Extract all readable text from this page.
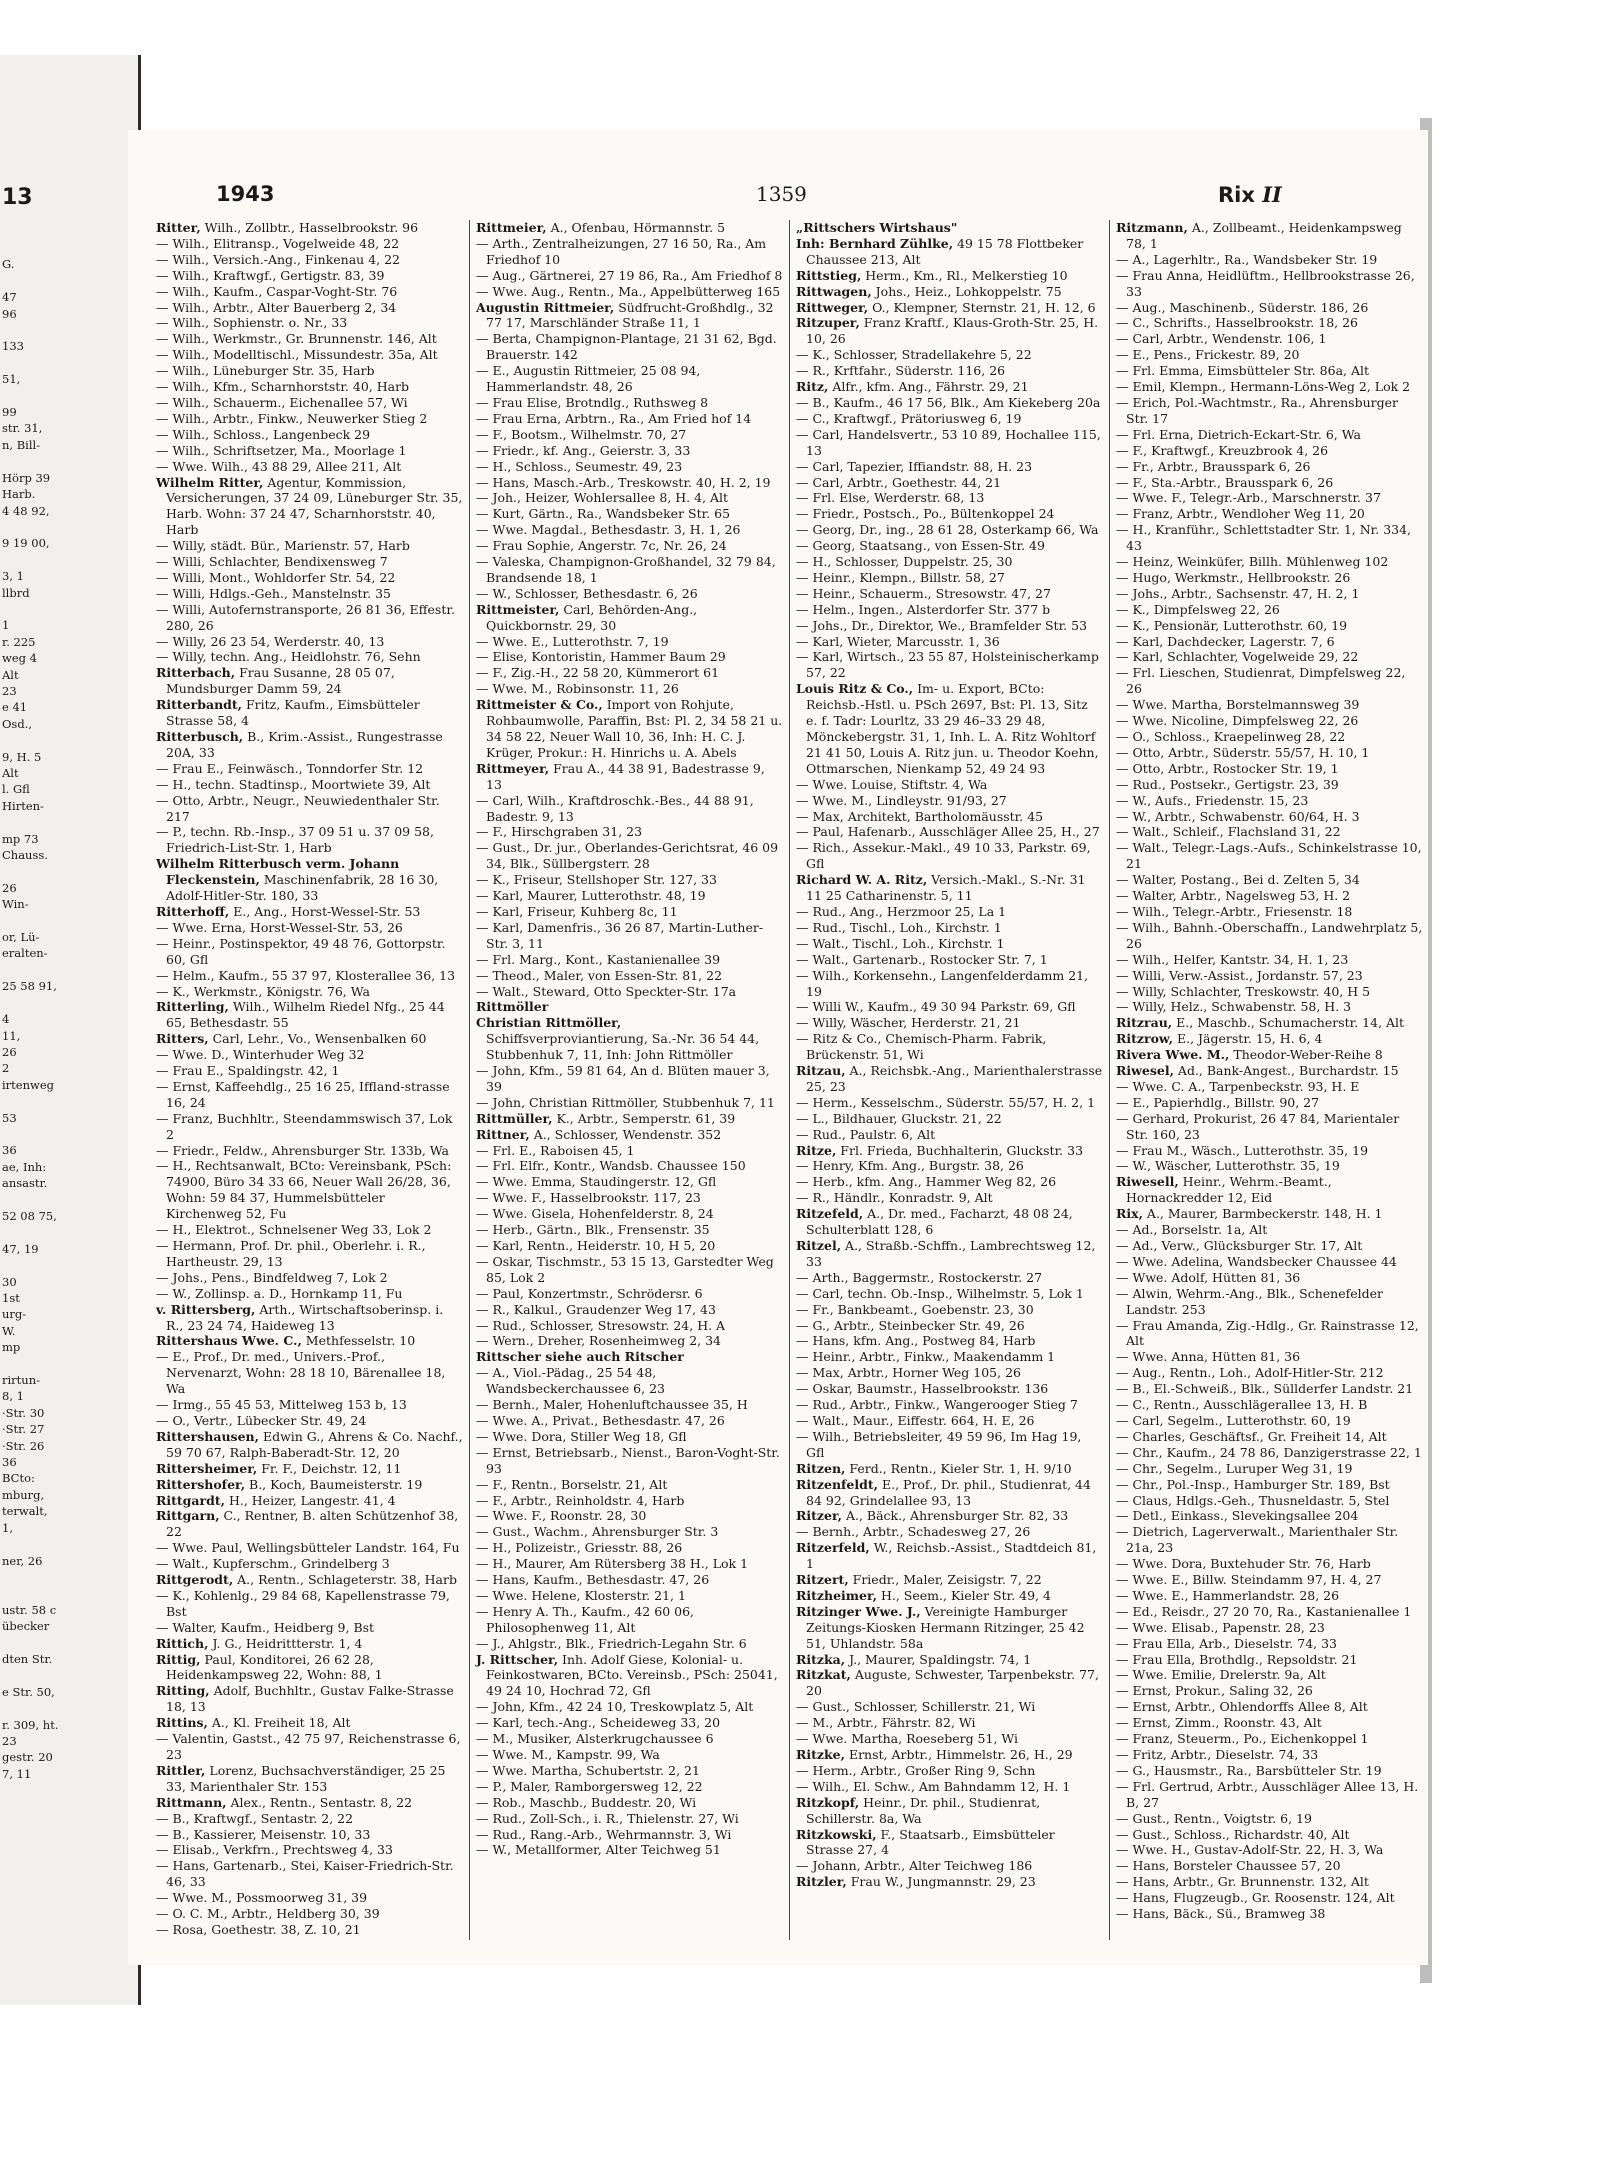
13

G.

47
96

133

51,

99
str. 31,
n, Bill-

Hörp 39
Harb.
4 48 92,

9 19 00,

3, 1
llbrd

1
r. 225
weg 4
Alt
23
e 41
Osd.,

9, H. 5
Alt
l. Gfl
Hirten-

mp 73
Chauss.

26
Win-

or, Lü-
eralten-

25 58 91,

4
11,
26
2
irtenweg

53

36
ae, Inh:
ansastr.

52 08 75,

47, 19

30
1st
urg-
W.
mp

rirtun-
8, 1
·Str. 30
·Str. 27
·Str. 26
36
BCto:
mburg,
terwalt,
1,

ner, 26

ustr. 58 c
übecker

dten Str.

e Str. 50,

r. 309, ht.
23
gestr. 20
7, 11
1943	1359	Rix II
Ritter, Wilh., Zollbtr., Hasselbrookstr. 96
— Wilh., Elitransp., Vogelweide 48, 22
— Wilh., Versich.-Ang., Finkenau 4, 22
— Wilh., Kraftwgf., Gertigstr. 83, 39
— Wilh., Kaufm., Caspar-Voght-Str. 76
— Wilh., Arbtr., Alter Bauerberg 2, 34
— Wilh., Sophienstr. o. Nr., 33
— Wilh., Werkmstr., Gr. Brunnenstr. 146, Alt
— Wilh., Modelltischl., Missundestr. 35a, Alt
— Wilh., Lüneburger Str. 35, Harb
— Wilh., Kfm., Scharnhorststr. 40, Harb
— Wilh., Schauerm., Eichenallee 57, Wi
— Wilh., Arbtr., Finkw., Neuwerker Stieg 2
— Wilh., Schloss., Langenbeck 29
— Wilh., Schriftsetzer, Ma., Moorlage 1
— Wwe. Wilh., 43 88 29, Allee 211, Alt
Wilhelm Ritter, Agentur, Kommission, Versicherungen, 37 24 09, Lüneburger Str. 35, Harb. Wohn: 37 24 47, Scharnhorststr. 40, Harb
— Willy, städt. Bür., Marienstr. 57, Harb
— Willi, Schlachter, Bendixensweg 7
— Willi, Mont., Wohldorfer Str. 54, 22
— Willi, Hdlgs.-Geh., Manstelnstr. 35
— Willi, Autofernstransporte, 26 81 36, Effestr. 280, 26
— Willy, 26 23 54, Werderstr. 40, 13
— Willy, techn. Ang., Heidlohstr. 76, Sehn
Ritterbach, Frau Susanne, 28 05 07, Mundsburger Damm 59, 24
Ritterbandt, Fritz, Kaufm., Eimsbütteler Strasse 58, 4
Ritterbusch, B., Krim.-Assist., Rungestrasse 20A, 33
— Frau E., Feinwäsch., Tonndorfer Str. 12
— H., techn. Stadtinsp., Moortwiete 39, Alt
— Otto, Arbtr., Neugr., Neuwiedenthaler Str. 217
— P., techn. Rb.-Insp., 37 09 51 u. 37 09 58, Friedrich-List-Str. 1, Harb
Wilhelm Ritterbusch verm. Johann Fleckenstein, Maschinenfabrik, 28 16 30, Adolf-Hitler-Str. 180, 33
Ritterhoff, E., Ang., Horst-Wessel-Str. 53
— Wwe. Erna, Horst-Wessel-Str. 53, 26
— Heinr., Postinspektor, 49 48 76, Gottorpstr. 60, Gfl
— Helm., Kaufm., 55 37 97, Klosterallee 36, 13
— K., Werkmstr., Königstr. 76, Wa
Ritterling, Wilh., Wilhelm Riedel Nfg., 25 44 65, Bethesdastr. 55
Ritters, Carl, Lehr., Vo., Wensenbalken 60
— Wwe. D., Winterhuder Weg 32
— Frau E., Spaldingstr. 42, 1
— Ernst, Kaffeehdlg., 25 16 25, Iffland-strasse 16, 24
— Franz, Buchhltr., Steendammswisch 37, Lok 2
— Friedr., Feldw., Ahrensburger Str. 133b, Wa
— H., Rechtsanwalt, BCto: Vereinsbank, PSch: 74900, Büro 34 33 66, Neuer Wall 26/28, 36, Wohn: 59 84 37, Hummelsbütteler Kirchenweg 52, Fu
— H., Elektrot., Schnelsener Weg 33, Lok 2
— Hermann, Prof. Dr. phil., Oberlehr. i. R., Hartheustr. 29, 13
— Johs., Pens., Bindfeldweg 7, Lok 2
— W., Zollinsp. a. D., Hornkamp 11, Fu
v. Rittersberg, Arth., Wirtschaftsoberinsp. i. R., 23 24 74, Haideweg 13
Rittershaus Wwe. C., Methfesselstr. 10
— E., Prof., Dr. med., Univers.-Prof., Nervenarzt, Wohn: 28 18 10, Bärenallee 18, Wa
— Irmg., 55 45 53, Mittelweg 153 b, 13
— O., Vertr., Lübecker Str. 49, 24
Rittershausen, Edwin G., Ahrens & Co. Nachf., 59 70 67, Ralph-Baberadt-Str. 12, 20
Rittersheimer, Fr. F., Deichstr. 12, 11
Rittershofer, B., Koch, Baumeisterstr. 19
Rittgardt, H., Heizer, Langestr. 41, 4
Rittgarn, C., Rentner, B. alten Schützenhof 38, 22
— Wwe. Paul, Wellingsbütteler Landstr. 164, Fu
— Walt., Kupferschm., Grindelberg 3
Rittgerodt, A., Rentn., Schlageterstr. 38, Harb
— K., Kohlenlg., 29 84 68, Kapellenstrasse 79, Bst
— Walter, Kaufm., Heidberg 9, Bst
Rittich, J. G., Heidrittterstr. 1, 4
Rittig, Paul, Konditorei, 26 62 28, Heidenkampsweg 22, Wohn: 88, 1
Ritting, Adolf, Buchhltr., Gustav Falke-Strasse 18, 13
Rittins, A., Kl. Freiheit 18, Alt
— Valentin, Gastst., 42 75 97, Reichenstrasse 6, 23
Rittler, Lorenz, Buchsachverständiger, 25 25 33, Marienthaler Str. 153
Rittmann, Alex., Rentn., Sentastr. 8, 22
— B., Kraftwgf., Sentastr. 2, 22
— B., Kassierer, Meisenstr. 10, 33
— Elisab., Verkfrn., Prechtsweg 4, 33
— Hans, Gartenarb., Stei, Kaiser-Friedrich-Str. 46, 33
— Wwe. M., Possmoorweg 31, 39
— O. C. M., Arbtr., Heldberg 30, 39
— Rosa, Goethestr. 38, Z. 10, 21
Rittmeier, A., Ofenbau, Hörmannstr. 5
— Arth., Zentralheizungen, 27 16 50, Ra., Am Friedhof 10
— Aug., Gärtnerei, 27 19 86, Ra., Am Friedhof 8
— Wwe. Aug., Rentn., Ma., Appelbütterweg 165
Augustin Rittmeier, Südfrucht-Großhdlg., 32 77 17, Marschländer Straße 11, 1
— Berta, Champignon-Plantage, 21 31 62, Bgd. Brauerstr. 142
— E., Augustin Rittmeier, 25 08 94, Hammerlandstr. 48, 26
— Frau Elise, Brotndlg., Ruthsweg 8
— Frau Erna, Arbtrn., Ra., Am Fried hof 14
— F., Bootsm., Wilhelmstr. 70, 27
— Friedr., kf. Ang., Geierstr. 3, 33
— H., Schloss., Seumestr. 49, 23
— Hans, Masch.-Arb., Treskowstr. 40, H. 2, 19
— Joh., Heizer, Wohlersallee 8, H. 4, Alt
— Kurt, Gärtn., Ra., Wandsbeker Str. 65
— Wwe. Magdal., Bethesdastr. 3, H. 1, 26
— Frau Sophie, Angerstr. 7c, Nr. 26, 24
— Valeska, Champignon-Großhandel, 32 79 84, Brandsende 18, 1
— W., Schlosser, Bethesdastr. 6, 26
Rittmeister, Carl, Behörden-Ang., Quickbornstr. 29, 30
— Wwe. E., Lutterothstr. 7, 19
— Elise, Kontoristin, Hammer Baum 29
— F., Zig.-H., 22 58 20, Kümmerort 61
— Wwe. M., Robinsonstr. 11, 26
Rittmeister & Co., Import von Rohjute, Rohbaumwolle, Paraffin, Bst: Pl. 2, 34 58 21 u. 34 58 22, Neuer Wall 10, 36, Inh: H. C. J. Krüger, Prokur.: H. Hinrichs u. A. Abels
Rittmeyer, Frau A., 44 38 91, Badestrasse 9, 13
— Carl, Wilh., Kraftdroschk.-Bes., 44 88 91, Badestr. 9, 13
— F., Hirschgraben 31, 23
— Gust., Dr. jur., Oberlandes-Gerichtsrat, 46 09 34, Blk., Süllbergsterr. 28
— K., Friseur, Stellshoper Str. 127, 33
— Karl, Maurer, Lutterothstr. 48, 19
— Karl, Friseur, Kuhberg 8c, 11
— Karl, Damenfris., 36 26 87, Martin-Luther-Str. 3, 11
— Frl. Marg., Kont., Kastanienallee 39
— Theod., Maler, von Essen-Str. 81, 22
— Walt., Steward, Otto Speckter-Str. 17a
Rittmöller
Christian Rittmöller, Schiffsverproviantierung, Sa.-Nr. 36 54 44, Stubbenhuk 7, 11, Inh: John Rittmöller
— John, Kfm., 59 81 64, An d. Blüten mauer 3, 39
— John, Christian Rittmöller, Stubbenhuk 7, 11
Rittmüller, K., Arbtr., Semperstr. 61, 39
Rittner, A., Schlosser, Wendenstr. 352
— Frl. E., Raboisen 45, 1
— Frl. Elfr., Kontr., Wandsb. Chaussee 150
— Wwe. Emma, Staudingerstr. 12, Gfl
— Wwe. F., Hasselbrookstr. 117, 23
— Wwe. Gisela, Hohenfelderstr. 8, 24
— Herb., Gärtn., Blk., Frensenstr. 35
— Karl, Rentn., Heiderstr. 10, H 5, 20
— Oskar, Tischmstr., 53 15 13, Garstedter Weg 85, Lok 2
— Paul, Konzertmstr., Schrödersr. 6
— R., Kalkul., Graudenzer Weg 17, 43
— Rud., Schlosser, Stresowstr. 24, H. A
— Wern., Dreher, Rosenheimweg 2, 34
Rittscher siehe auch Ritscher
— A., Viol.-Pädag., 25 54 48, Wandsbeckerchaussee 6, 23
— Bernh., Maler, Hohenluftchaussee 35, H
— Wwe. A., Privat., Bethesdastr. 47, 26
— Wwe. Dora, Stiller Weg 18, Gfl
— Ernst, Betriebsarb., Nienst., Baron-Voght-Str. 93
— F., Rentn., Borselstr. 21, Alt
— F., Arbtr., Reinholdstr. 4, Harb
— Wwe. F., Roonstr. 28, 30
— Gust., Wachm., Ahrensburger Str. 3
— H., Polizeistr., Griesstr. 88, 26
— H., Maurer, Am Rütersberg 38 H., Lok 1
— Hans, Kaufm., Bethesdastr. 47, 26
— Wwe. Helene, Klosterstr. 21, 1
— Henry A. Th., Kaufm., 42 60 06, Philosophenweg 11, Alt
— J., Ahlgstr., Blk., Friedrich-Legahn Str. 6
J. Rittscher, Inh. Adolf Giese, Kolonial- u. Feinkostwaren, BCto. Vereinsb., PSch: 25041, 49 24 10, Hochrad 72, Gfl
— John, Kfm., 42 24 10, Treskowplatz 5, Alt
— Karl, tech.-Ang., Scheideweg 33, 20
— M., Musiker, Alsterkrugchaussee 6
— Wwe. M., Kampstr. 99, Wa
— Wwe. Martha, Schubertstr. 2, 21
— P., Maler, Ramborgersweg 12, 22
— Rob., Maschb., Buddestr. 20, Wi
— Rud., Zoll-Sch., i. R., Thielenstr. 27, Wi
— Rud., Rang.-Arb., Wehrmannstr. 3, Wi
— W., Metallformer, Alter Teichweg 51
„Rittschers Wirtshaus"
Inh: Bernhard Zühlke, 49 15 78 Flottbeker Chaussee 213, Alt
Rittstieg, Herm., Km., Rl., Melkerstieg 10
Rittwagen, Johs., Heiz., Lohkoppelstr. 75
Rittweger, O., Klempner, Sternstr. 21, H. 12, 6
Ritzuper, Franz Kraftf., Klaus-Groth-Str. 25, H. 10, 26
— K., Schlosser, Stradellakehre 5, 22
— R., Krftfahr., Süderstr. 116, 26
Ritz, Alfr., kfm. Ang., Fährstr. 29, 21
— B., Kaufm., 46 17 56, Blk., Am Kiekeberg 20a
— C., Kraftwgf., Prätoriusweg 6, 19
— Carl, Handelsvertr., 53 10 89, Hochallee 115, 13
— Carl, Tapezier, Iffiandstr. 88, H. 23
— Carl, Arbtr., Goethestr. 44, 21
— Frl. Else, Werderstr. 68, 13
— Friedr., Postsch., Po., Bültenkoppel 24
— Georg, Dr., ing., 28 61 28, Osterkamp 66, Wa
— Georg, Staatsang., von Essen-Str. 49
— H., Schlosser, Duppelstr. 25, 30
— Heinr., Klempn., Billstr. 58, 27
— Heinr., Schauerm., Stresowstr. 47, 27
— Helm., Ingen., Alsterdorfer Str. 377 b
— Johs., Dr., Direktor, We., Bramfelder Str. 53
— Karl, Wieter, Marcusstr. 1, 36
— Karl, Wirtsch., 23 55 87, Holsteinischerkamp 57, 22
Louis Ritz & Co., Im- u. Export, BCto: Reichsb.-Hstl. u. PSch 2697, Bst: Pl. 13, Sitz e. f. Tadr: Lourltz, 33 29 46–33 29 48, Mönckebergstr. 31, 1, Inh. L. A. Ritz Wohltorf 21 41 50, Louis A. Ritz jun. u. Theodor Koehn, Ottmarschen, Nienkamp 52, 49 24 93
— Wwe. Louise, Stiftstr. 4, Wa
— Wwe. M., Lindleystr. 91/93, 27
— Max, Architekt, Bartholomäusstr. 45
— Paul, Hafenarb., Ausschläger Allee 25, H., 27
— Rich., Assekur.-Makl., 49 10 33, Parkstr. 69, Gfl
Richard W. A. Ritz, Versich.-Makl., S.-Nr. 31 11 25 Catharinenstr. 5, 11
— Rud., Ang., Herzmoor 25, La 1
— Rud., Tischl., Loh., Kirchstr. 1
— Walt., Tischl., Loh., Kirchstr. 1
— Walt., Gartenarb., Rostocker Str. 7, 1
— Wilh., Korkensehn., Langenfelderdamm 21, 19
— Willi W., Kaufm., 49 30 94 Parkstr. 69, Gfl
— Willy, Wäscher, Herderstr. 21, 21
— Ritz & Co., Chemisch-Pharm. Fabrik, Brückenstr. 51, Wi
Ritzau, A., Reichsbk.-Ang., Marienthalerstrasse 25, 23
— Herm., Kesselschm., Süderstr. 55/57, H. 2, 1
— L., Bildhauer, Gluckstr. 21, 22
— Rud., Paulstr. 6, Alt
Ritze, Frl. Frieda, Buchhalterin, Gluckstr. 33
— Henry, Kfm. Ang., Burgstr. 38, 26
— Herb., kfm. Ang., Hammer Weg 82, 26
— R., Händlr., Konradstr. 9, Alt
Ritzefeld, A., Dr. med., Facharzt, 48 08 24, Schulterblatt 128, 6
Ritzel, A., Straßb.-Schffn., Lambrechtsweg 12, 33
— Arth., Baggermstr., Rostockerstr. 27
— Carl, techn. Ob.-Insp., Wilhelmstr. 5, Lok 1
— Fr., Bankbeamt., Goebenstr. 23, 30
— G., Arbtr., Steinbecker Str. 49, 26
— Hans, kfm. Ang., Postweg 84, Harb
— Heinr., Arbtr., Finkw., Maakendamm 1
— Max, Arbtr., Horner Weg 105, 26
— Oskar, Baumstr., Hasselbrookstr. 136
— Rud., Arbtr., Finkw., Wangerooger Stieg 7
— Walt., Maur., Eiffestr. 664, H. E, 26
— Wilh., Betriebsleiter, 49 59 96, Im Hag 19, Gfl
Ritzen, Ferd., Rentn., Kieler Str. 1, H. 9/10
Ritzenfeldt, E., Prof., Dr. phil., Studienrat, 44 84 92, Grindelallee 93, 13
Ritzer, A., Bäck., Ahrensburger Str. 82, 33
— Bernh., Arbtr., Schadesweg 27, 26
Ritzerfeld, W., Reichsb.-Assist., Stadtdeich 81, 1
Ritzert, Friedr., Maler, Zeisigstr. 7, 22
Ritzheimer, H., Seem., Kieler Str. 49, 4
Ritzinger Wwe. J., Vereinigte Hamburger Zeitungs-Kiosken Hermann Ritzinger, 25 42 51, Uhlandstr. 58a
Ritzka, J., Maurer, Spaldingstr. 74, 1
Ritzkat, Auguste, Schwester, Tarpenbekstr. 77, 20
— Gust., Schlosser, Schillerstr. 21, Wi
— M., Arbtr., Fährstr. 82, Wi
— Wwe. Martha, Roeseberg 51, Wi
Ritzke, Ernst, Arbtr., Himmelstr. 26, H., 29
— Herm., Arbtr., Großer Ring 9, Schn
— Wilh., El. Schw., Am Bahndamm 12, H. 1
Ritzkopf, Heinr., Dr. phil., Studienrat, Schillerstr. 8a, Wa
Ritzkowski, F., Staatsarb., Eimsbütteler Strasse 27, 4
— Johann, Arbtr., Alter Teichweg 186
Ritzler, Frau W., Jungmannstr. 29, 23
Ritzmann, A., Zollbeamt., Heidenkampsweg 78, 1
— A., Lagerhltr., Ra., Wandsbeker Str. 19
— Frau Anna, Heidlüftm., Hellbrookstrasse 26, 33
— Aug., Maschinenb., Süderstr. 186, 26
— C., Schrifts., Hasselbrookstr. 18, 26
— Carl, Arbtr., Wendenstr. 106, 1
— E., Pens., Frickestr. 89, 20
— Frl. Emma, Eimsbütteler Str. 86a, Alt
— Emil, Klempn., Hermann-Löns-Weg 2, Lok 2
— Erich, Pol.-Wachtmstr., Ra., Ahrensburger Str. 17
— Frl. Erna, Dietrich-Eckart-Str. 6, Wa
— F., Kraftwgf., Kreuzbrook 4, 26
— Fr., Arbtr., Brausspark 6, 26
— F., Sta.-Arbtr., Brausspark 6, 26
— Wwe. F., Telegr.-Arb., Marschnerstr. 37
— Franz, Arbtr., Wendloher Weg 11, 20
— H., Kranführ., Schlettstadter Str. 1, Nr. 334, 43
— Heinz, Weinküfer, Billh. Mühlenweg 102
— Hugo, Werkmstr., Hellbrookstr. 26
— Johs., Arbtr., Sachsenstr. 47, H. 2, 1
— K., Dimpfelsweg 22, 26
— K., Pensionär, Lutterothstr. 60, 19
— Karl, Dachdecker, Lagerstr. 7, 6
— Karl, Schlachter, Vogelweide 29, 22
— Frl. Lieschen, Studienrat, Dimpfelsweg 22, 26
— Wwe. Martha, Borstelmannsweg 39
— Wwe. Nicoline, Dimpfelsweg 22, 26
— O., Schloss., Kraepelinweg 28, 22
— Otto, Arbtr., Süderstr. 55/57, H. 10, 1
— Otto, Arbtr., Rostocker Str. 19, 1
— Rud., Postsekr., Gertigstr. 23, 39
— W., Aufs., Friedenstr. 15, 23
— W., Arbtr., Schwabenstr. 60/64, H. 3
— Walt., Schleif., Flachsland 31, 22
— Walt., Telegr.-Lags.-Aufs., Schinkelstrasse 10, 21
— Walter, Postang., Bei d. Zelten 5, 34
— Walter, Arbtr., Nagelsweg 53, H. 2
— Wilh., Telegr.-Arbtr., Friesenstr. 18
— Wilh., Bahnh.-Oberschaffn., Landwehrplatz 5, 26
— Wilh., Helfer, Kantstr. 34, H. 1, 23
— Willi, Verw.-Assist., Jordanstr. 57, 23
— Willy, Schlachter, Treskowstr. 40, H 5
— Willy, Helz., Schwabenstr. 58, H. 3
Ritzrau, E., Maschb., Schumacherstr. 14, Alt
Ritzrow, E., Jägerstr. 15, H. 6, 4
Rivera Wwe. M., Theodor-Weber-Reihe 8
Riwesel, Ad., Bank-Angest., Burchardstr. 15
— Wwe. C. A., Tarpenbeckstr. 93, H. E
— E., Papierhdlg., Billstr. 90, 27
— Gerhard, Prokurist, 26 47 84, Marientaler Str. 160, 23
— Frau M., Wäsch., Lutterothstr. 35, 19
— W., Wäscher, Lutterothstr. 35, 19
Riwesell, Heinr., Wehrm.-Beamt., Hornackredder 12, Eid
Rix, A., Maurer, Barmbeckerstr. 148, H. 1
— Ad., Borselstr. 1a, Alt
— Ad., Verw., Glücksburger Str. 17, Alt
— Wwe. Adelina, Wandsbecker Chaussee 44
— Wwe. Adolf, Hütten 81, 36
— Alwin, Wehrm.-Ang., Blk., Schenefelder Landstr. 253
— Frau Amanda, Zig.-Hdlg., Gr. Rainstrasse 12, Alt
— Wwe. Anna, Hütten 81, 36
— Aug., Rentn., Loh., Adolf-Hitler-Str. 212
— B., El.-Schweiß., Blk., Süllderfer Landstr. 21
— C., Rentn., Ausschlägerallee 13, H. B
— Carl, Segelm., Lutterothstr. 60, 19
— Charles, Geschäftsf., Gr. Freiheit 14, Alt
— Chr., Kaufm., 24 78 86, Danzigerstrasse 22, 1
— Chr., Segelm., Luruper Weg 31, 19
— Chr., Pol.-Insp., Hamburger Str. 189, Bst
— Claus, Hdlgs.-Geh., Thusneldastr. 5, Stel
— Detl., Einkass., Slevekingsallee 204
— Dietrich, Lagerverwalt., Marienthaler Str. 21a, 23
— Wwe. Dora, Buxtehuder Str. 76, Harb
— Wwe. E., Billw. Steindamm 97, H. 4, 27
— Wwe. E., Hammerlandstr. 28, 26
— Ed., Reisdr., 27 20 70, Ra., Kastanienallee 1
— Wwe. Elisab., Papenstr. 28, 23
— Frau Ella, Arb., Dieselstr. 74, 33
— Frau Ella, Brothdlg., Repsoldstr. 21
— Wwe. Emilie, Drelerstr. 9a, Alt
— Ernst, Prokur., Saling 32, 26
— Ernst, Arbtr., Ohlendorffs Allee 8, Alt
— Ernst, Zimm., Roonstr. 43, Alt
— Franz, Steuerm., Po., Eichenkoppel 1
— Fritz, Arbtr., Dieselstr. 74, 33
— G., Hausmstr., Ra., Barsbütteler Str. 19
— Frl. Gertrud, Arbtr., Ausschläger Allee 13, H. B, 27
— Gust., Rentn., Voigtstr. 6, 19
— Gust., Schloss., Richardstr. 40, Alt
— Wwe. H., Gustav-Adolf-Str. 22, H. 3, Wa
— Hans, Borsteler Chaussee 57, 20
— Hans, Arbtr., Gr. Brunnenstr. 132, Alt
— Hans, Flugzeugb., Gr. Roosenstr. 124, Alt
— Hans, Bäck., Sü., Bramweg 38
